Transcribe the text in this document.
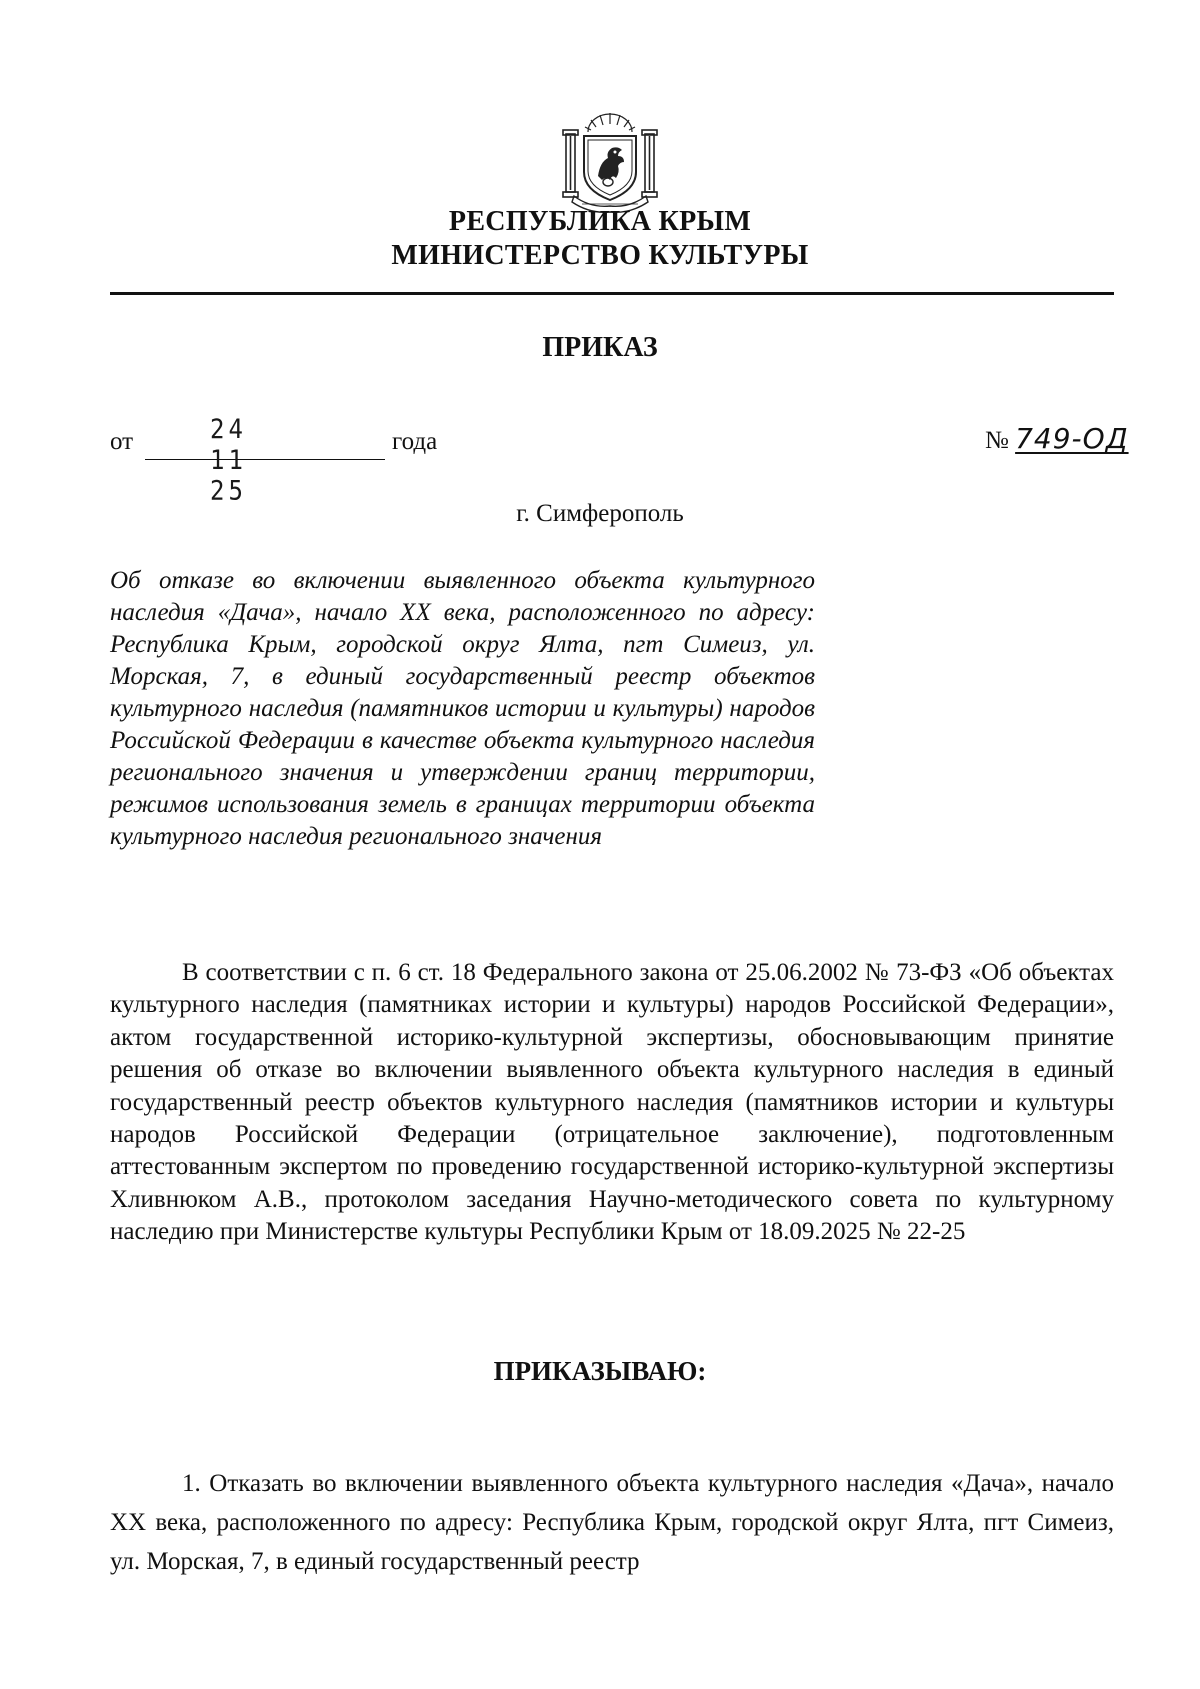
РЕСПУБЛИКА КРЫМ
МИНИСТЕРСТВО КУЛЬТУРЫ
ПРИКАЗ
от	24 11 25
года	№ 749-ОД
г. Симферополь
Об отказе во включении выявленного объекта культурного наследия «Дача», начало XX века, расположенного по адресу: Республика Крым, городской округ Ялта, пгт Симеиз, ул. Морская, 7, в единый государственный реестр объектов культурного наследия (памятников истории и культуры) народов Российской Федерации в качестве объекта культурного наследия регионального значения и утверждении границ территории, режимов использования земель в границах территории объекта культурного наследия регионального значения
В соответствии с п. 6 ст. 18 Федерального закона от 25.06.2002 № 73-ФЗ «Об объектах культурного наследия (памятниках истории и культуры) народов Российской Федерации», актом государственной историко-культурной экспертизы, обосновывающим принятие решения об отказе во включении выявленного объекта культурного наследия в единый государственный реестр объектов культурного наследия (памятников истории и культуры народов Российской Федерации (отрицательное заключение), подготовленным аттестованным экспертом по проведению государственной историко-культурной экспертизы Хливнюком А.В., протоколом заседания Научно-методического совета по культурному наследию при Министерстве культуры Республики Крым от 18.09.2025 № 22-25
ПРИКАЗЫВАЮ:
1. Отказать во включении выявленного объекта культурного наследия «Дача», начало XX века, расположенного по адресу: Республика Крым, городской округ Ялта, пгт Симеиз, ул. Морская, 7, в единый государственный реестр
